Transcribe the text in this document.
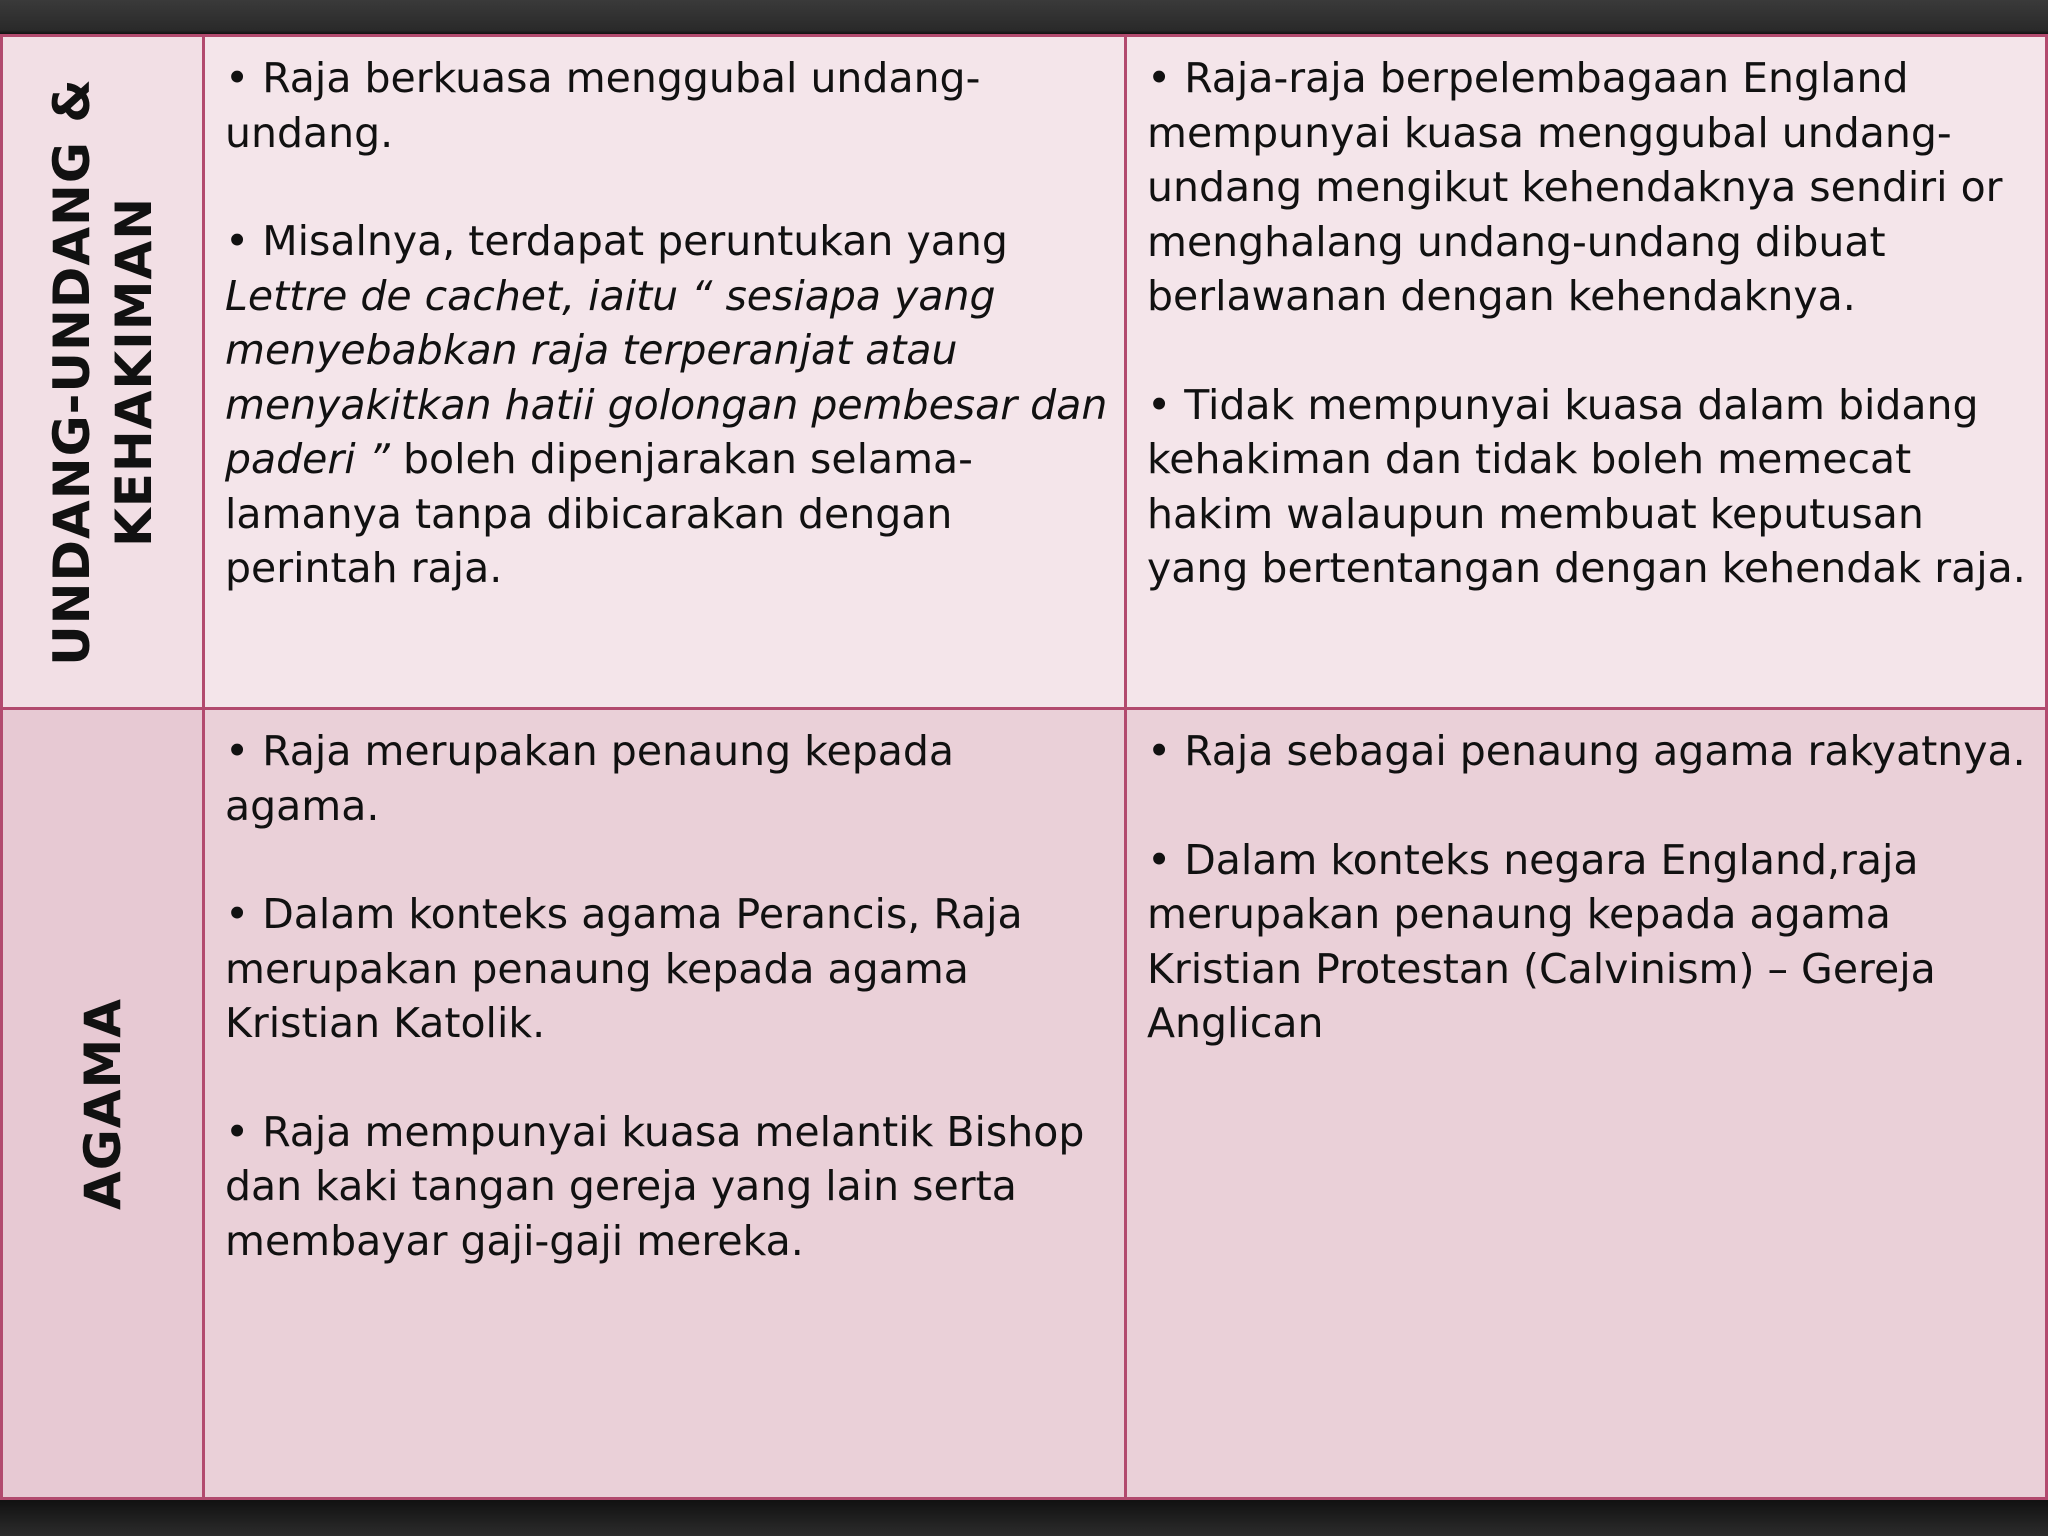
UNDANG-UNDANG & KEHAKIMAN

• Raja berkuasa menggubal undang-undang.

• Misalnya, terdapat peruntukan yang Lettre de cachet, iaitu “ sesiapa yang menyebabkan raja terperanjat atau menyakitkan hatii golongan pembesar dan paderi ” boleh dipenjarakan selama-lamanya tanpa dibicarakan dengan perintah raja.

• Raja-raja berpelembagaan England mempunyai kuasa menggubal undang-undang mengikut kehendaknya sendiri or menghalang undang-undang dibuat berlawanan dengan kehendaknya.

• Tidak mempunyai kuasa dalam bidang kehakiman dan tidak boleh memecat hakim walaupun membuat keputusan yang bertentangan dengan kehendak raja.

AGAMA

• Raja merupakan penaung kepada agama.

• Dalam konteks agama Perancis, Raja merupakan penaung kepada agama Kristian Katolik.

• Raja mempunyai kuasa melantik Bishop dan kaki tangan gereja yang lain serta membayar gaji-gaji mereka.

• Raja sebagai penaung agama rakyatnya.

• Dalam konteks negara England,raja merupakan penaung kepada agama Kristian Protestan (Calvinism) – Gereja Anglican
